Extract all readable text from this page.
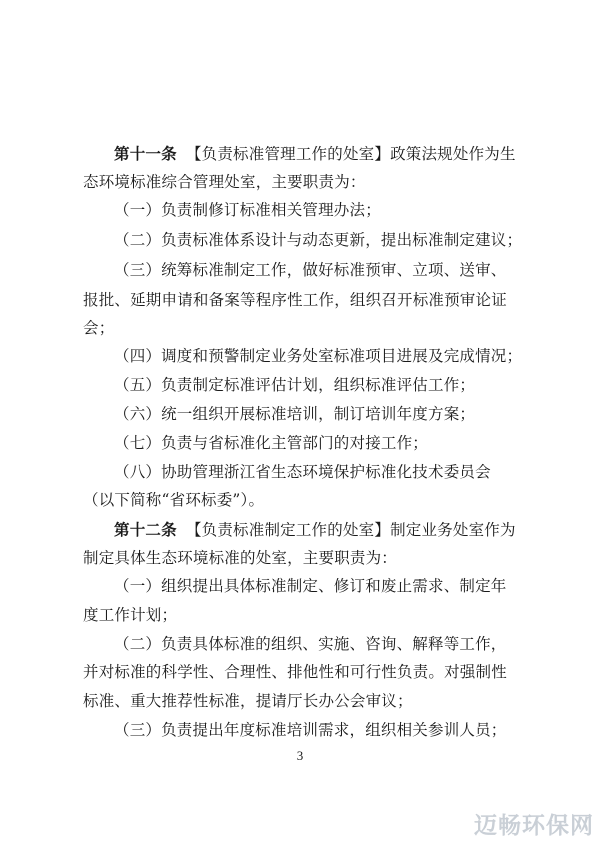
第十一条 【负责标准管理工作的处室】政策法规处作为生
态环境标准综合管理处室，主要职责为：
（一）负责制修订标准相关管理办法；
（二）负责标准体系设计与动态更新，提出标准制定建议；
（三）统筹标准制定工作，做好标准预审、立项、送审、
报批、延期申请和备案等程序性工作，组织召开标准预审论证
会；
（四）调度和预警制定业务处室标准项目进展及完成情况；
（五）负责制定标准评估计划，组织标准评估工作；
（六）统一组织开展标准培训，制订培训年度方案；
（七）负责与省标准化主管部门的对接工作；
（八）协助管理浙江省生态环境保护标准化技术委员会
（以下简称“省环标委”）。
第十二条 【负责标准制定工作的处室】制定业务处室作为
制定具体生态环境标准的处室，主要职责为：
（一）组织提出具体标准制定、修订和废止需求、制定年
度工作计划；
（二）负责具体标准的组织、实施、咨询、解释等工作，
并对标准的科学性、合理性、排他性和可行性负责。对强制性
标准、重大推荐性标准，提请厅长办公会审议；
（三）负责提出年度标准培训需求，组织相关参训人员；
3
迈畅环保网
